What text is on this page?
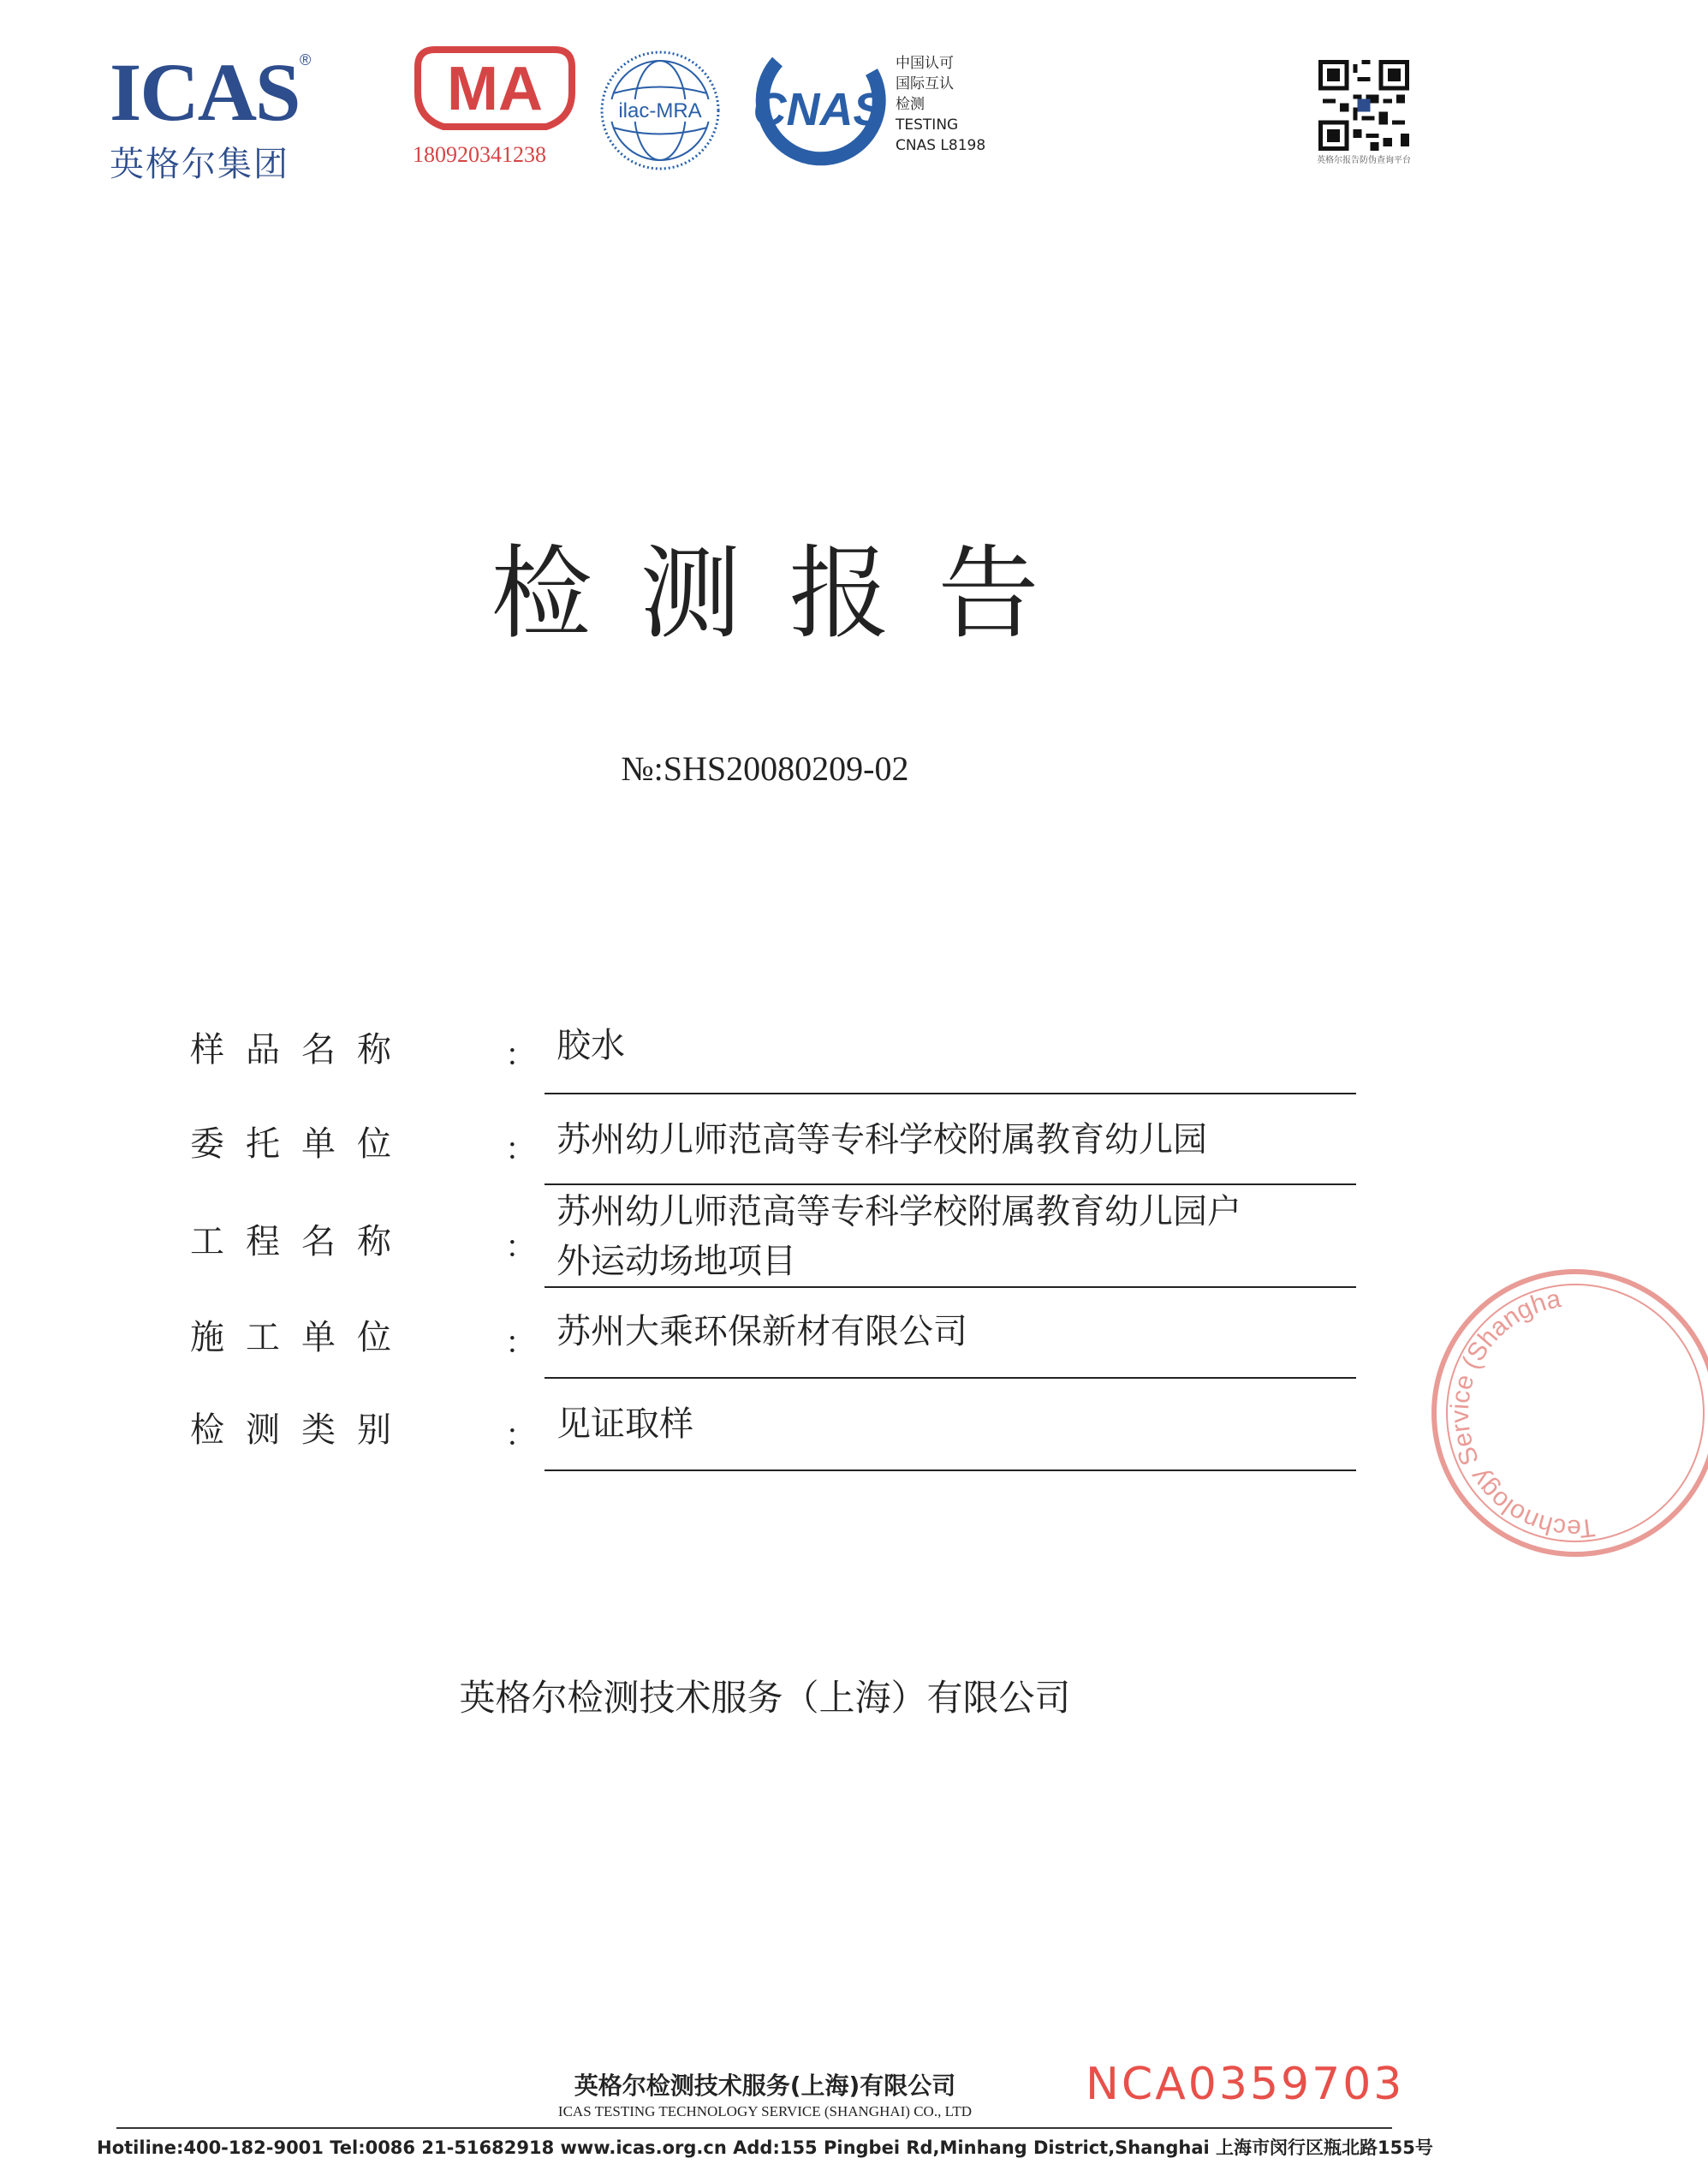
ICAS ®
英格尔集团
MA
180920341238
ilac-MRA CNAS
中国认可
国际互认
检测
TESTING
CNAS L8198
英格尔报告防伪查询平台
检测报告
№:SHS20080209-02
样品名称	： 胶水
委托单位	： 苏州幼儿师范高等专科学校附属教育幼儿园
工程名称	：
苏州幼儿师范高等专科学校附属教育幼儿园户
外运动场地项目
施工单位	： 苏州大乘环保新材有限公司
检测类别	： 见证取样
英格尔检测技术服务（上海）有限公司
Technology Service (Shanghai)
英格尔检测技术服务(上海)有限公司
ICAS TESTING TECHNOLOGY SERVICE (SHANGHAI) CO., LTD
NCA0359703
Hotiline:400-182-9001 Tel:0086 21-51682918 www.icas.org.cn Add:155 Pingbei Rd,Minhang District,Shanghai 上海市闵行区瓶北路155号
